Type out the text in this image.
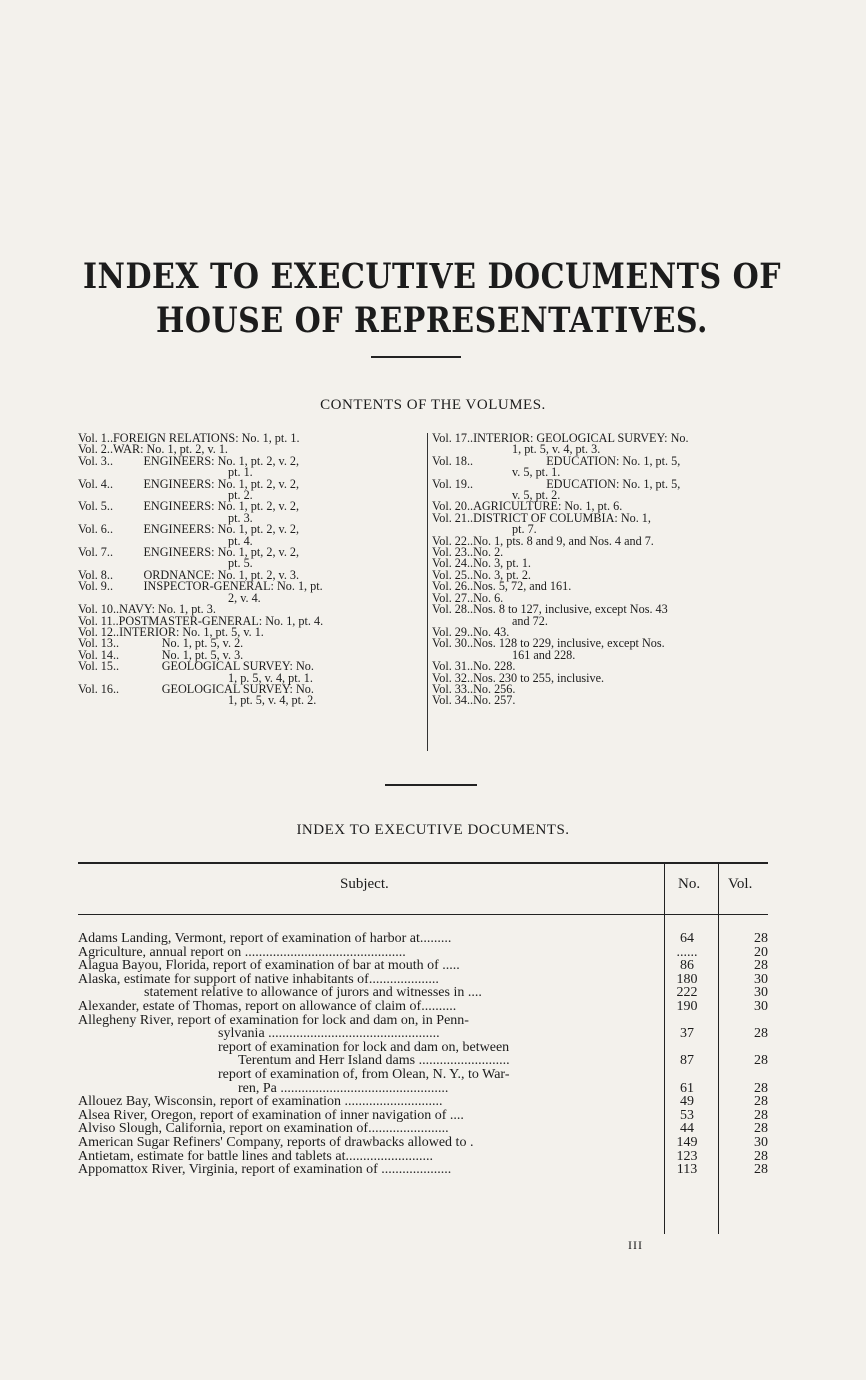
INDEX TO EXECUTIVE DOCUMENTS OF HOUSE OF REPRESENTATIVES.
CONTENTS OF THE VOLUMES.
Vol. 1..FOREIGN RELATIONS: No. 1, pt. 1.
Vol. 2..WAR: No. 1, pt. 2, v. 1.
Vol. 3..          ENGINEERS: No. 1, pt. 2, v. 2,
pt. 1.
Vol. 4..          ENGINEERS: No. 1, pt. 2, v. 2,
pt. 2.
Vol. 5..          ENGINEERS: No. 1, pt. 2, v. 2,
pt. 3.
Vol. 6..          ENGINEERS: No. 1, pt. 2, v. 2,
pt. 4.
Vol. 7..          ENGINEERS: No. 1, pt, 2, v. 2,
pt. 5.
Vol. 8..          ORDNANCE: No. 1, pt. 2, v. 3.
Vol. 9..          INSPECTOR-GENERAL: No. 1, pt.
2, v. 4.
Vol. 10..NAVY: No. 1, pt. 3.
Vol. 11..POSTMASTER-GENERAL: No. 1, pt. 4.
Vol. 12..INTERIOR: No. 1, pt. 5, v. 1.
Vol. 13..              No. 1, pt. 5, v. 2.
Vol. 14..              No. 1, pt. 5, v. 3.
Vol. 15..              GEOLOGICAL SURVEY: No.
1, p. 5, v. 4, pt. 1.
Vol. 16..              GEOLOGICAL SURVEY: No.
1, pt. 5, v. 4, pt. 2.
Vol. 17..INTERIOR: GEOLOGICAL SURVEY: No.
1, pt. 5, v. 4, pt. 3.
Vol. 18..                        EDUCATION: No. 1, pt. 5,
v. 5, pt. 1.
Vol. 19..                        EDUCATION: No. 1, pt. 5,
v. 5, pt. 2.
Vol. 20..AGRICULTURE: No. 1, pt. 6.
Vol. 21..DISTRICT OF COLUMBIA: No. 1,
pt. 7.
Vol. 22..No. 1, pts. 8 and 9, and Nos. 4 and 7.
Vol. 23..No. 2.
Vol. 24..No. 3, pt. 1.
Vol. 25..No. 3, pt. 2.
Vol. 26..Nos. 5, 72, and 161.
Vol. 27..No. 6.
Vol. 28..Nos. 8 to 127, inclusive, except Nos. 43
and 72.
Vol. 29..No. 43.
Vol. 30..Nos. 128 to 229, inclusive, except Nos.
161 and 228.
Vol. 31..No. 228.
Vol. 32..Nos. 230 to 255, inclusive.
Vol. 33..No. 256.
Vol. 34..No. 257.
INDEX TO EXECUTIVE DOCUMENTS.
Subject.	No. Vol.
Adams Landing, Vermont, report of examination of harbor at.........	64	28
Agriculture, annual report on ..............................................	......	20
Alagua Bayou, Florida, report of examination of bar at mouth of .....	86	28
Alaska, estimate for support of native inhabitants of....................	180	30
statement relative to allowance of jurors and witnesses in ....	222	30
Alexander, estate of Thomas, report on allowance of claim of..........	190	30
Allegheny River, report of examination for lock and dam on, in Penn-
sylvania .................................................	37	28
report of examination for lock and dam on, between
Terentum and Herr Island dams ..........................	87	28
report of examination of, from Olean, N. Y., to War-
ren, Pa ................................................	61	28
Allouez Bay, Wisconsin, report of examination ............................	49	28
Alsea River, Oregon, report of examination of inner navigation of ....	53	28
Alviso Slough, California, report on examination of.......................	44	28
American Sugar Refiners' Company, reports of drawbacks allowed to .	149	30
Antietam, estimate for battle lines and tablets at.........................	123	28
Appomattox River, Virginia, report of examination of ....................	113	28
III
